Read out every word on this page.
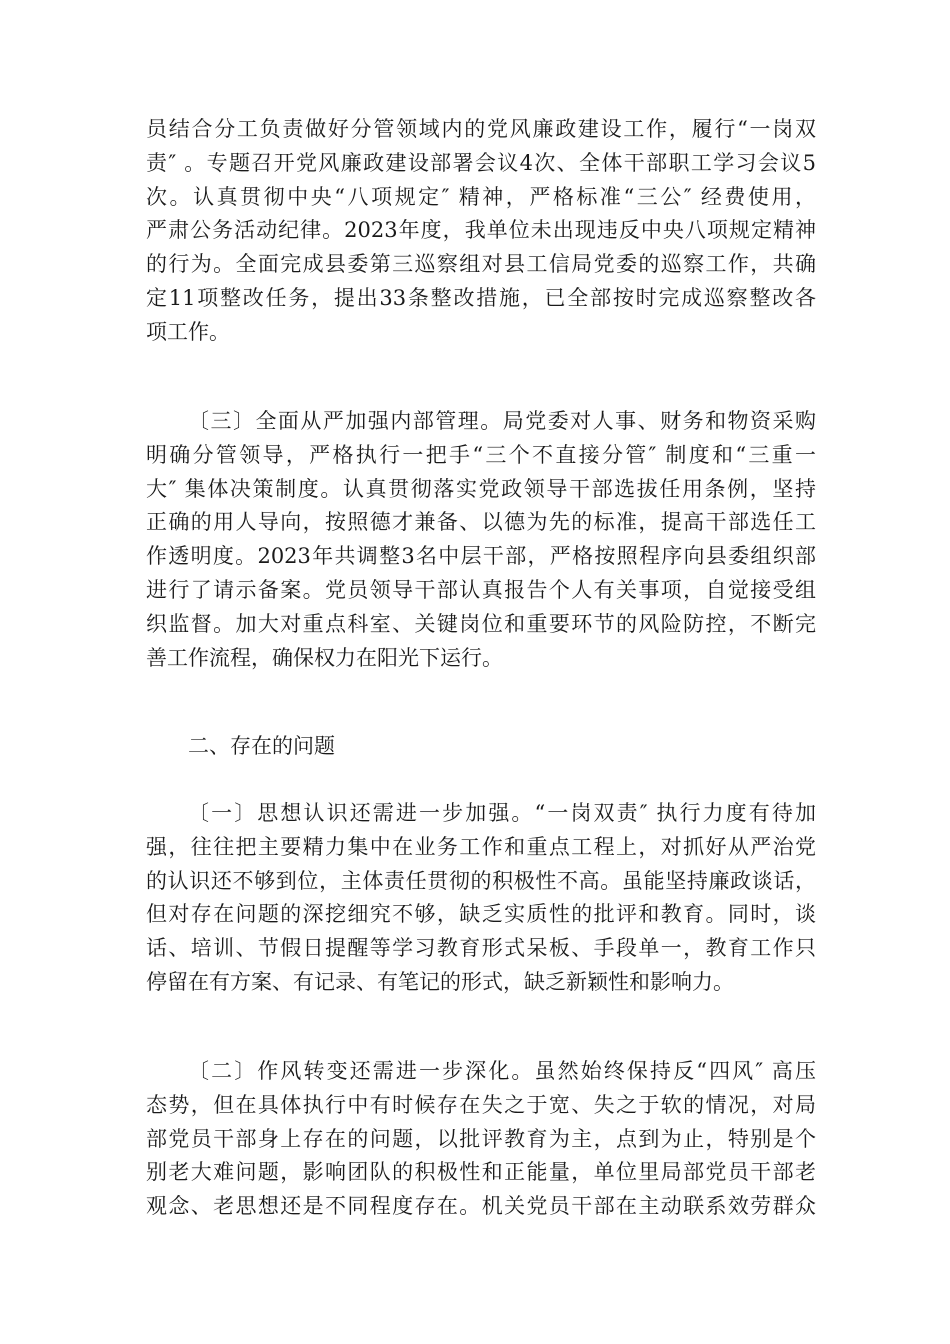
员结合分工负责做好分管领域内的党风廉政建设工作，履行“一岗双
责″ 。专题召开党风廉政建设部署会议4次、全体干部职工学习会议5
次。认真贯彻中央“八项规定″ 精神，严格标准“三公″ 经费使用，
严肃公务活动纪律。2023年度，我单位未出现违反中央八项规定精神
的行为。全面完成县委第三巡察组对县工信局党委的巡察工作，共确
定11项整改任务，提出33条整改措施，已全部按时完成巡察整改各
项工作。
〔三〕全面从严加强内部管理。局党委对人事、财务和物资采购
明确分管领导，严格执行一把手“三个不直接分管″ 制度和“三重一
大″ 集体决策制度。认真贯彻落实党政领导干部选拔任用条例，坚持
正确的用人导向，按照德才兼备、以德为先的标准，提高干部选任工
作透明度。2023年共调整3名中层干部，严格按照程序向县委组织部
进行了请示备案。党员领导干部认真报告个人有关事项，自觉接受组
织监督。加大对重点科室、关键岗位和重要环节的风险防控，不断完
善工作流程，确保权力在阳光下运行。
二、存在的问题
〔一〕思想认识还需进一步加强。“一岗双责″ 执行力度有待加
强，往往把主要精力集中在业务工作和重点工程上，对抓好从严治党
的认识还不够到位，主体责任贯彻的积极性不高。虽能坚持廉政谈话，
但对存在问题的深挖细究不够，缺乏实质性的批评和教育。同时，谈
话、培训、节假日提醒等学习教育形式呆板、手段单一，教育工作只
停留在有方案、有记录、有笔记的形式，缺乏新颖性和影响力。
〔二〕作风转变还需进一步深化。虽然始终保持反“四风″ 高压
态势，但在具体执行中有时候存在失之于宽、失之于软的情况，对局
部党员干部身上存在的问题，以批评教育为主，点到为止，特别是个
别老大难问题，影响团队的积极性和正能量，单位里局部党员干部老
观念、老思想还是不同程度存在。机关党员干部在主动联系效劳群众
